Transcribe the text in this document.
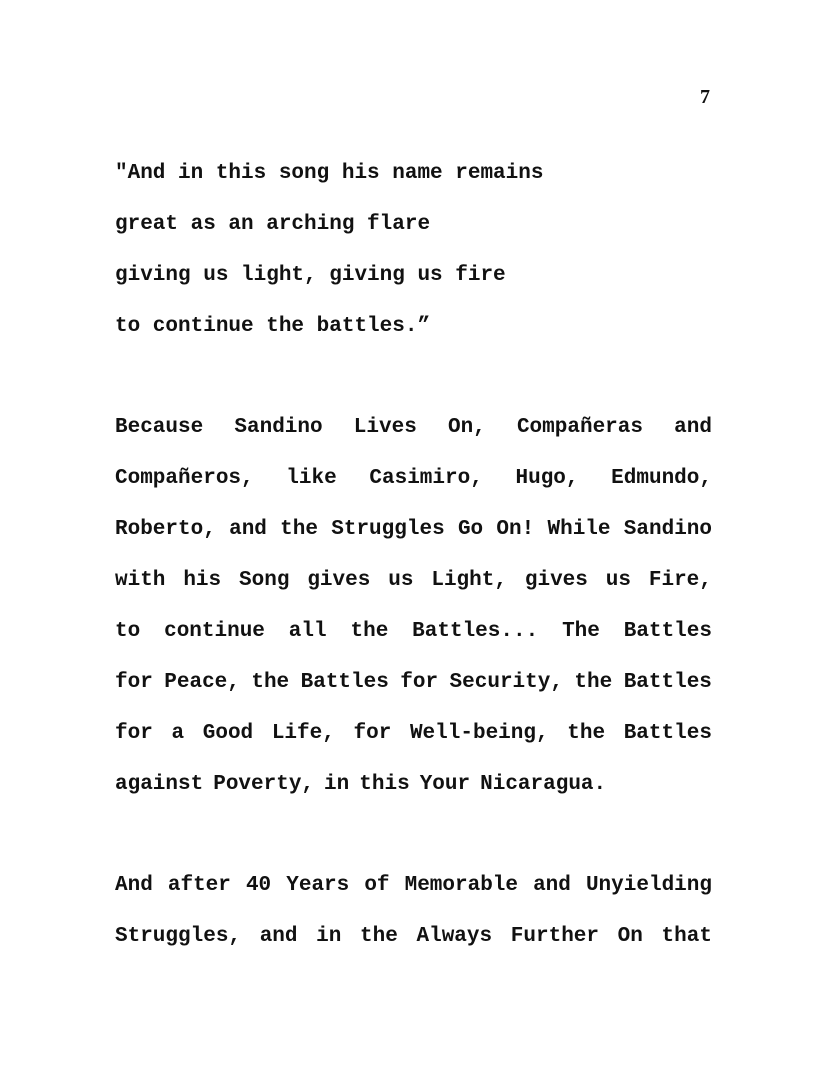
7
"And in this song his name remains
great as an arching flare
giving us light, giving us fire
to continue the battles.”
Because Sandino Lives On, Compañeras and
Compañeros, like Casimiro, Hugo, Edmundo,
Roberto, and the Struggles Go On! While Sandino
with his Song gives us Light, gives us Fire,
to continue all the Battles... The Battles
for Peace, the Battles for Security, the Battles
for a Good Life, for Well-being, the Battles
against Poverty, in this Your Nicaragua.
And after 40 Years of Memorable and Unyielding
Struggles, and in the Always Further On that
